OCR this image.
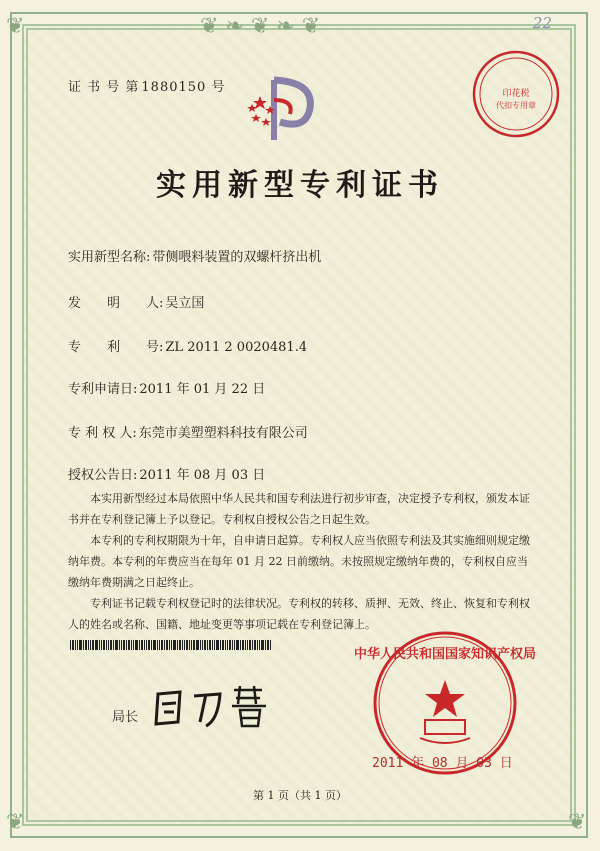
❦ ❧ ❦ ❧ ❦
❦	❦
❦	22
证 书 号 第 1880150 号	印花税
代扣专用章
实用新型专利证书
实用新型名称: 带侧喂料装置的双螺杆挤出机
发　　明　　人: 吴立国
专　　利　　号: ZL 2011 2 0020481.4
专利申请日: 2011 年 01 月 22 日
专 利 权 人: 东莞市美塑塑料科技有限公司
授权公告日: 2011 年 08 月 03 日

本实用新型经过本局依照中华人民共和国专利法进行初步审查，决定授予专利权，颁发本证书并在专利登记簿上予以登记。专利权自授权公告之日起生效。

本专利的专利权期限为十年，自申请日起算。专利权人应当依照专利法及其实施细则规定缴纳年费。本专利的年费应当在每年 01 月 22 日前缴纳。未按照规定缴纳年费的，专利权自应当缴纳年费期满之日起终止。

专利证书记载专利权登记时的法律状况。专利权的转移、质押、无效、终止、恢复和专利权人的姓名或名称、国籍、地址变更等事项记载在专利登记簿上。

局长
中华人民共和国国家知识产权局
2011 年 08 月 03 日
第 1 页（共 1 页）
